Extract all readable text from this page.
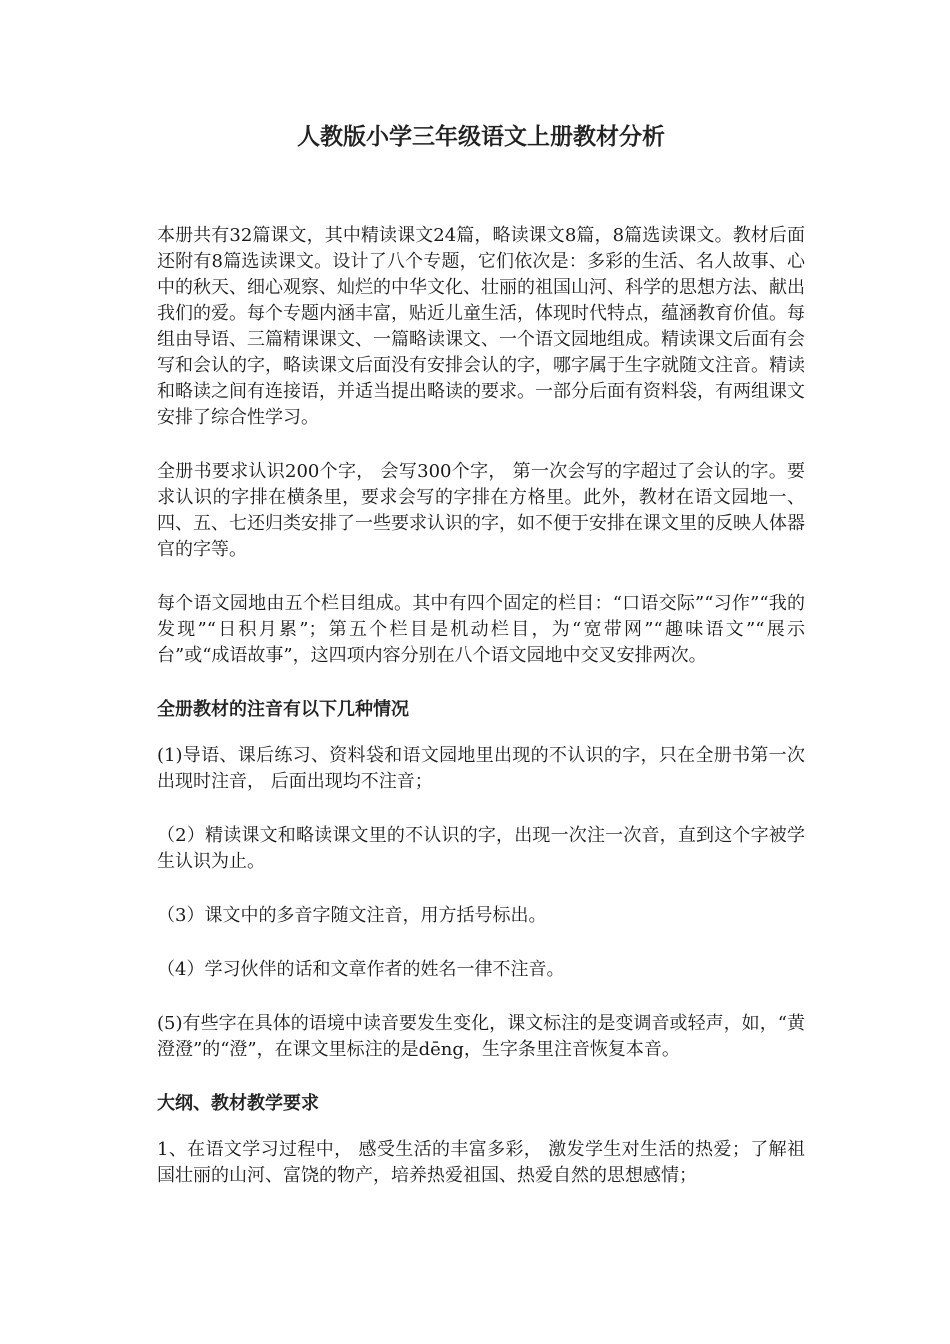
人教版小学三年级语文上册教材分析

本册共有32篇课文，其中精读课文24篇，略读课文8篇，8篇选读课文。教材后面还附有8篇选读课文。设计了八个专题，它们依次是：多彩的生活、名人故事、心中的秋天、细心观察、灿烂的中华文化、壮丽的祖国山河、科学的思想方法、献出我们的爱。每个专题内涵丰富，贴近儿童生活，体现时代特点，蕴涵教育价值。每组由导语、三篇精课课文、一篇略读课文、一个语文园地组成。精读课文后面有会写和会认的字，略读课文后面没有安排会认的字，哪字属于生字就随文注音。精读和略读之间有连接语，并适当提出略读的要求。一部分后面有资料袋，有两组课文安排了综合性学习。

全册书要求认识200个字， 会写300个字， 第一次会写的字超过了会认的字。要求认识的字排在横条里，要求会写的字排在方格里。此外，教材在语文园地一、四、五、七还归类安排了一些要求认识的字，如不便于安排在课文里的反映人体器官的字等。

每个语文园地由五个栏目组成。其中有四个固定的栏目：“口语交际”“习作”“我的发现”“日积月累”；第五个栏目是机动栏目，为“宽带网”“趣味语文”“展示台”或“成语故事”，这四项内容分别在八个语文园地中交叉安排两次。

全册教材的注音有以下几种情况

(1)导语、课后练习、资料袋和语文园地里出现的不认识的字，只在全册书第一次出现时注音， 后面出现均不注音；

（2）精读课文和略读课文里的不认识的字，出现一次注一次音，直到这个字被学生认识为止。

（3）课文中的多音字随文注音，用方括号标出。

（4）学习伙伴的话和文章作者的姓名一律不注音。

(5)有些字在具体的语境中读音要发生变化，课文标注的是变调音或轻声，如，“黄澄澄”的“澄”，在课文里标注的是dēng，生字条里注音恢复本音。

大纲、教材教学要求

1、在语文学习过程中， 感受生活的丰富多彩， 激发学生对生活的热爱；了解祖国壮丽的山河、富饶的物产，培养热爱祖国、热爱自然的思想感情；
